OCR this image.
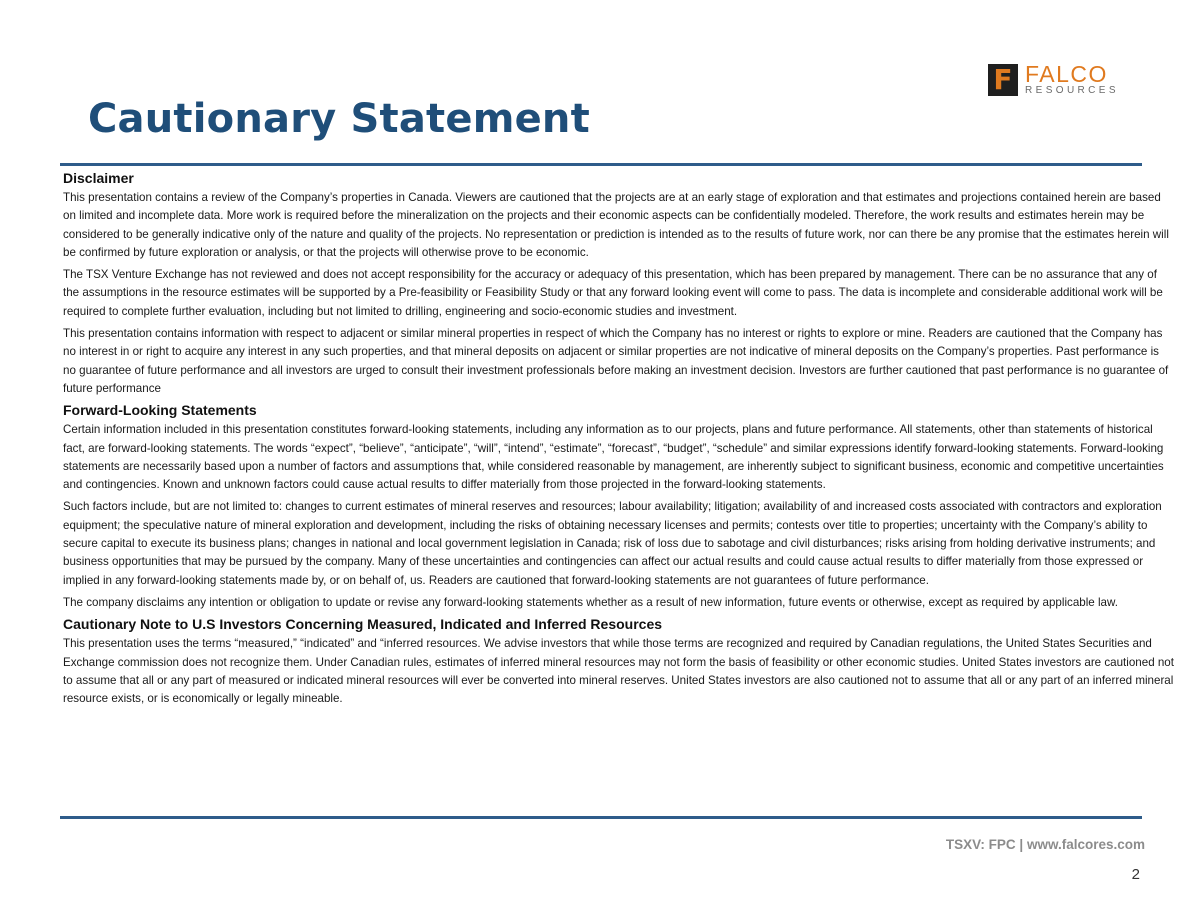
F FALCO
RESOURCES
Cautionary Statement
Disclaimer

This presentation contains a review of the Company’s properties in Canada. Viewers are cautioned that the projects are at an early stage of exploration and that estimates and projections contained herein are based on limited and incomplete data. More work is required before the mineralization on the projects and their economic aspects can be confidentially modeled. Therefore, the work results and estimates herein may be considered to be generally indicative only of the nature and quality of the projects. No representation or prediction is intended as to the results of future work, nor can there be any promise that the estimates herein will be confirmed by future exploration or analysis, or that the projects will otherwise prove to be economic.

The TSX Venture Exchange has not reviewed and does not accept responsibility for the accuracy or adequacy of this presentation, which has been prepared by management. There can be no assurance that any of the assumptions in the resource estimates will be supported by a Pre-feasibility or Feasibility Study or that any forward looking event will come to pass. The data is incomplete and considerable additional work will be required to complete further evaluation, including but not limited to drilling, engineering and socio-economic studies and investment.

This presentation contains information with respect to adjacent or similar mineral properties in respect of which the Company has no interest or rights to explore or mine. Readers are cautioned that the Company has no interest in or right to acquire any interest in any such properties, and that mineral deposits on adjacent or similar properties are not indicative of mineral deposits on the Company’s properties. Past performance is no guarantee of future performance and all investors are urged to consult their investment professionals before making an investment decision. Investors are further cautioned that past performance is no guarantee of future performance

Forward-Looking Statements

Certain information included in this presentation constitutes forward-looking statements, including any information as to our projects, plans and future performance. All statements, other than statements of historical fact, are forward-looking statements. The words “expect”, “believe”, “anticipate”, “will”, “intend”, “estimate”, “forecast”, “budget”, “schedule” and similar expressions identify forward-looking statements. Forward-looking statements are necessarily based upon a number of factors and assumptions that, while considered reasonable by management, are inherently subject to significant business, economic and competitive uncertainties and contingencies. Known and unknown factors could cause actual results to differ materially from those projected in the forward-looking statements.

Such factors include, but are not limited to: changes to current estimates of mineral reserves and resources; labour availability; litigation; availability of and increased costs associated with contractors and exploration equipment; the speculative nature of mineral exploration and development, including the risks of obtaining necessary licenses and permits; contests over title to properties; uncertainty with the Company’s ability to secure capital to execute its business plans; changes in national and local government legislation in Canada; risk of loss due to sabotage and civil disturbances; risks arising from holding derivative instruments; and business opportunities that may be pursued by the company. Many of these uncertainties and contingencies can affect our actual results and could cause actual results to differ materially from those expressed or implied in any forward-looking statements made by, or on behalf of, us. Readers are cautioned that forward-looking statements are not guarantees of future performance.

The company disclaims any intention or obligation to update or revise any forward-looking statements whether as a result of new information, future events or otherwise, except as required by applicable law.

Cautionary Note to U.S Investors Concerning Measured, Indicated and Inferred Resources

This presentation uses the terms “measured,” “indicated” and “inferred resources. We advise investors that while those terms are recognized and required by Canadian regulations, the United States Securities and Exchange commission does not recognize them. Under Canadian rules, estimates of inferred mineral resources may not form the basis of feasibility or other economic studies. United States investors are cautioned not to assume that all or any part of measured or indicated mineral resources will ever be converted into mineral reserves. United States investors are also cautioned not to assume that all or any part of an inferred mineral resource exists, or is economically or legally mineable.

TSXV: FPC | www.falcores.com
2
